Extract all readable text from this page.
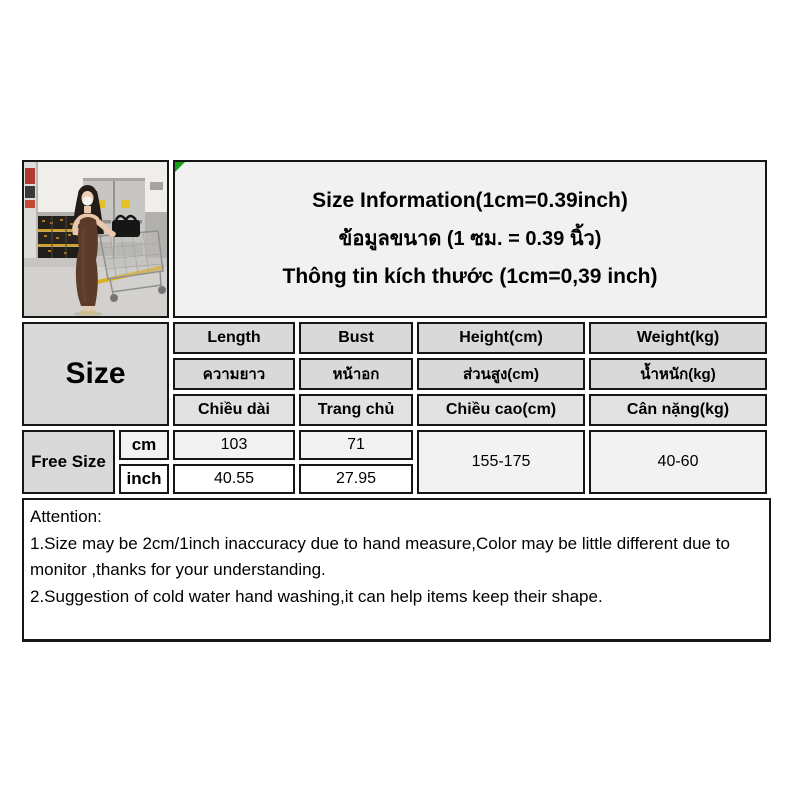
Size Information(1cm=0.39inch)
ข้อมูลขนาด (1 ซม. = 0.39 นิ้ว)
Thông tin kích thước (1cm=0,39 inch)			

Size		Length	Bust	Height(cm)	Weight(kg)
		ความยาว	หน้าอก	ส่วนสูง(cm)	น้ำหนัก(kg)
		Chiều dài	Trang chủ	Chiều cao(cm)	Cân nặng(kg)
Free Size	cm	103	71	155-175	40-60
	inch	40.55	27.95		
Attention:
1.Size may be 2cm/1inch inaccuracy due to hand measure,Color may be little different due to monitor ,thanks for your understanding.
2.Suggestion of cold water hand washing,it can help items keep their shape.
